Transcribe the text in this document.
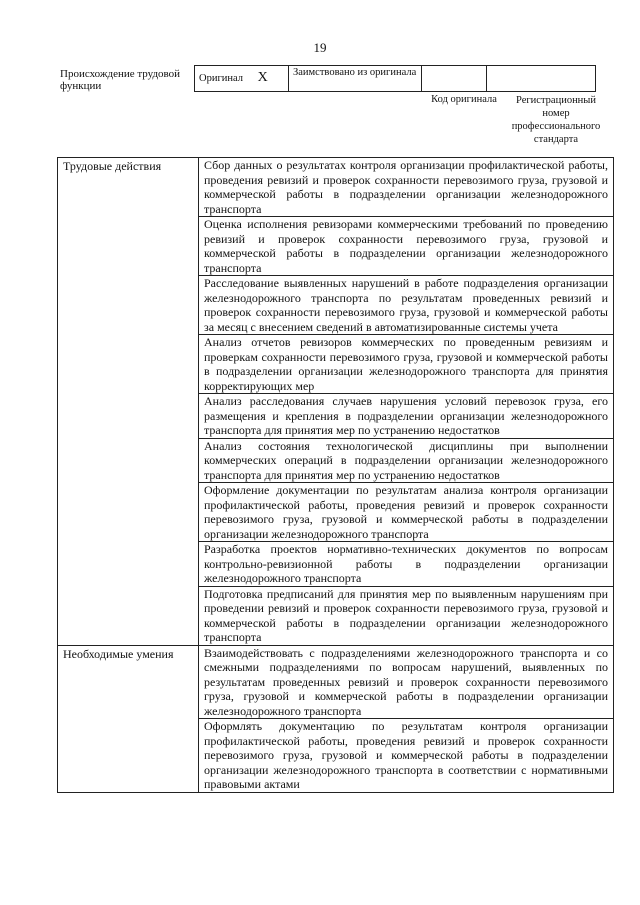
19
Происхождение трудовой функции
Оригинал X	Заимствовано из оригинала		
Код оригинала	Регистрационный номер профессионального стандарта
Трудовые действия	Сбор данных о результатах контроля организации профилактической работы, проведения ревизий и проверок сохранности перевозимого груза, грузовой и коммерческой работы в подразделении организации железнодорожного транспорта
	Оценка исполнения ревизорами коммерческими требований по проведению ревизий и проверок сохранности перевозимого груза, грузовой и коммерческой работы в подразделении организации железнодорожного транспорта
	Расследование выявленных нарушений в работе подразделения организации железнодорожного транспорта по результатам проведенных ревизий и проверок сохранности перевозимого груза, грузовой и коммерческой работы за месяц с внесением сведений в автоматизированные системы учета
	Анализ отчетов ревизоров коммерческих по проведенным ревизиям и проверкам сохранности перевозимого груза, грузовой и коммерческой работы в подразделении организации железнодорожного транспорта для принятия корректирующих мер
	Анализ расследования случаев нарушения условий перевозок груза, его размещения и крепления в подразделении организации железнодорожного транспорта для принятия мер по устранению недостатков
	Анализ состояния технологической дисциплины при выполнении коммерческих операций в подразделении организации железнодорожного транспорта для принятия мер по устранению недостатков
	Оформление документации по результатам анализа контроля организации профилактической работы, проведения ревизий и проверок сохранности перевозимого груза, грузовой и коммерческой работы в подразделении организации железнодорожного транспорта
	Разработка проектов нормативно-технических документов по вопросам контрольно-ревизионной работы в подразделении организации железнодорожного транспорта
	Подготовка предписаний для принятия мер по выявленным нарушениям при проведении ревизий и проверок сохранности перевозимого груза, грузовой и коммерческой работы в подразделении организации железнодорожного транспорта
Необходимые умения	Взаимодействовать с подразделениями железнодорожного транспорта и со смежными подразделениями по вопросам нарушений, выявленных по результатам проведенных ревизий и проверок сохранности перевозимого груза, грузовой и коммерческой работы в подразделении организации железнодорожного транспорта
	Оформлять документацию по результатам контроля организации профилактической работы, проведения ревизий и проверок сохранности перевозимого груза, грузовой и коммерческой работы в подразделении организации железнодорожного транспорта в соответствии с нормативными правовыми актами
